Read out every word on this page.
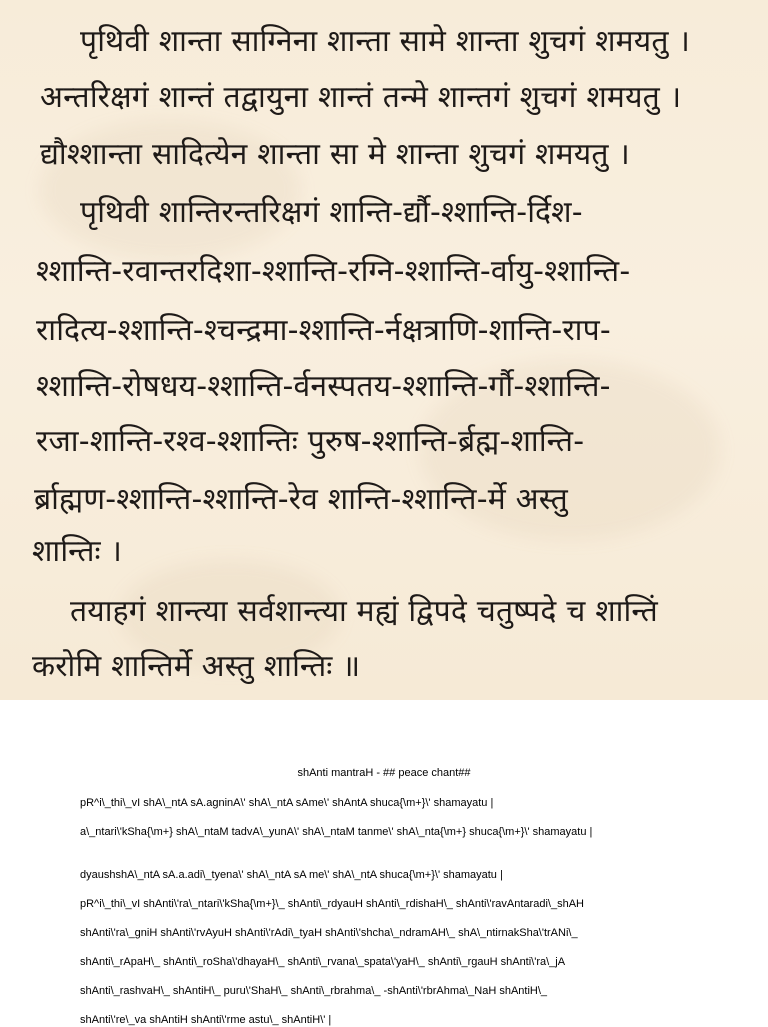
पृथिवी शान्ता साग्निना शान्ता सामे शान्ता शुचगं शमयतु ।

अन्तरिक्षगं शान्तं तद्वायुना शान्तं तन्मे शान्तगं शुचगं शमयतु ।

द्यौश्शान्ता सादित्येन शान्ता सा मे शान्ता शुचगं शमयतु ।

पृथिवी शान्तिरन्तरिक्षगं शान्ति-र्द्यौ-श्शान्ति-र्दिश-

श्शान्ति-रवान्तरदिशा-श्शान्ति-रग्नि-श्शान्ति-र्वायु-श्शान्ति-

रादित्य-श्शान्ति-श्चन्द्रमा-श्शान्ति-र्नक्षत्राणि-शान्ति-राप-

श्शान्ति-रोषधय-श्शान्ति-र्वनस्पतय-श्शान्ति-र्गौ-श्शान्ति-

रजा-शान्ति-रश्व-श्शान्तिः पुरुष-श्शान्ति-र्ब्रह्म-शान्ति-

र्ब्राह्मण-श्शान्ति-श्शान्ति-रेव शान्ति-श्शान्ति-र्मे अस्तु

शान्तिः ।

तयाहगं शान्त्या सर्वशान्त्या मह्यं द्विपदे चतुष्पदे च शान्तिं

करोमि शान्तिर्मे अस्तु शान्तिः ॥

shAnti mantraH - ## peace chant##
pR^i\_thi\_vI shA\_ntA sA.agninA\' shA\_ntA sAme\' shAntA shuca{\m+}\' shamayatu |
a\_ntari\'kSha{\m+} shA\_ntaM tadvA\_yunA\' shA\_ntaM tanme\' shA\_nta{\m+} shuca{\m+}\' shamayatu |
dyaushshA\_ntA sA.a.adi\_tyena\' shA\_ntA sA me\' shA\_ntA shuca{\m+}\' shamayatu |
pR^i\_thi\_vI shAnti\'ra\_ntari\'kSha{\m+}\_ shAnti\_rdyauH shAnti\_rdishaH\_ shAnti\'ravAntaradi\_shAH
shAnti\'ra\_gniH shAnti\'rvAyuH shAnti\'rAdi\_tyaH shAnti\'shcha\_ndramAH\_ shA\_ntirnakSha\'trANi\_
shAnti\_rApaH\_ shAnti\_roSha\'dhayaH\_ shAnti\_rvana\_spata\'yaH\_ shAnti\_rgauH shAnti\'ra\_jA
shAnti\_rashvaH\_ shAntiH\_ puru\'ShaH\_ shAnti\_rbrahma\_ -shAnti\'rbrAhma\_NaH shAntiH\_
shAnti\'re\_va shAntiH shAnti\'rme astu\_ shAntiH\' |
